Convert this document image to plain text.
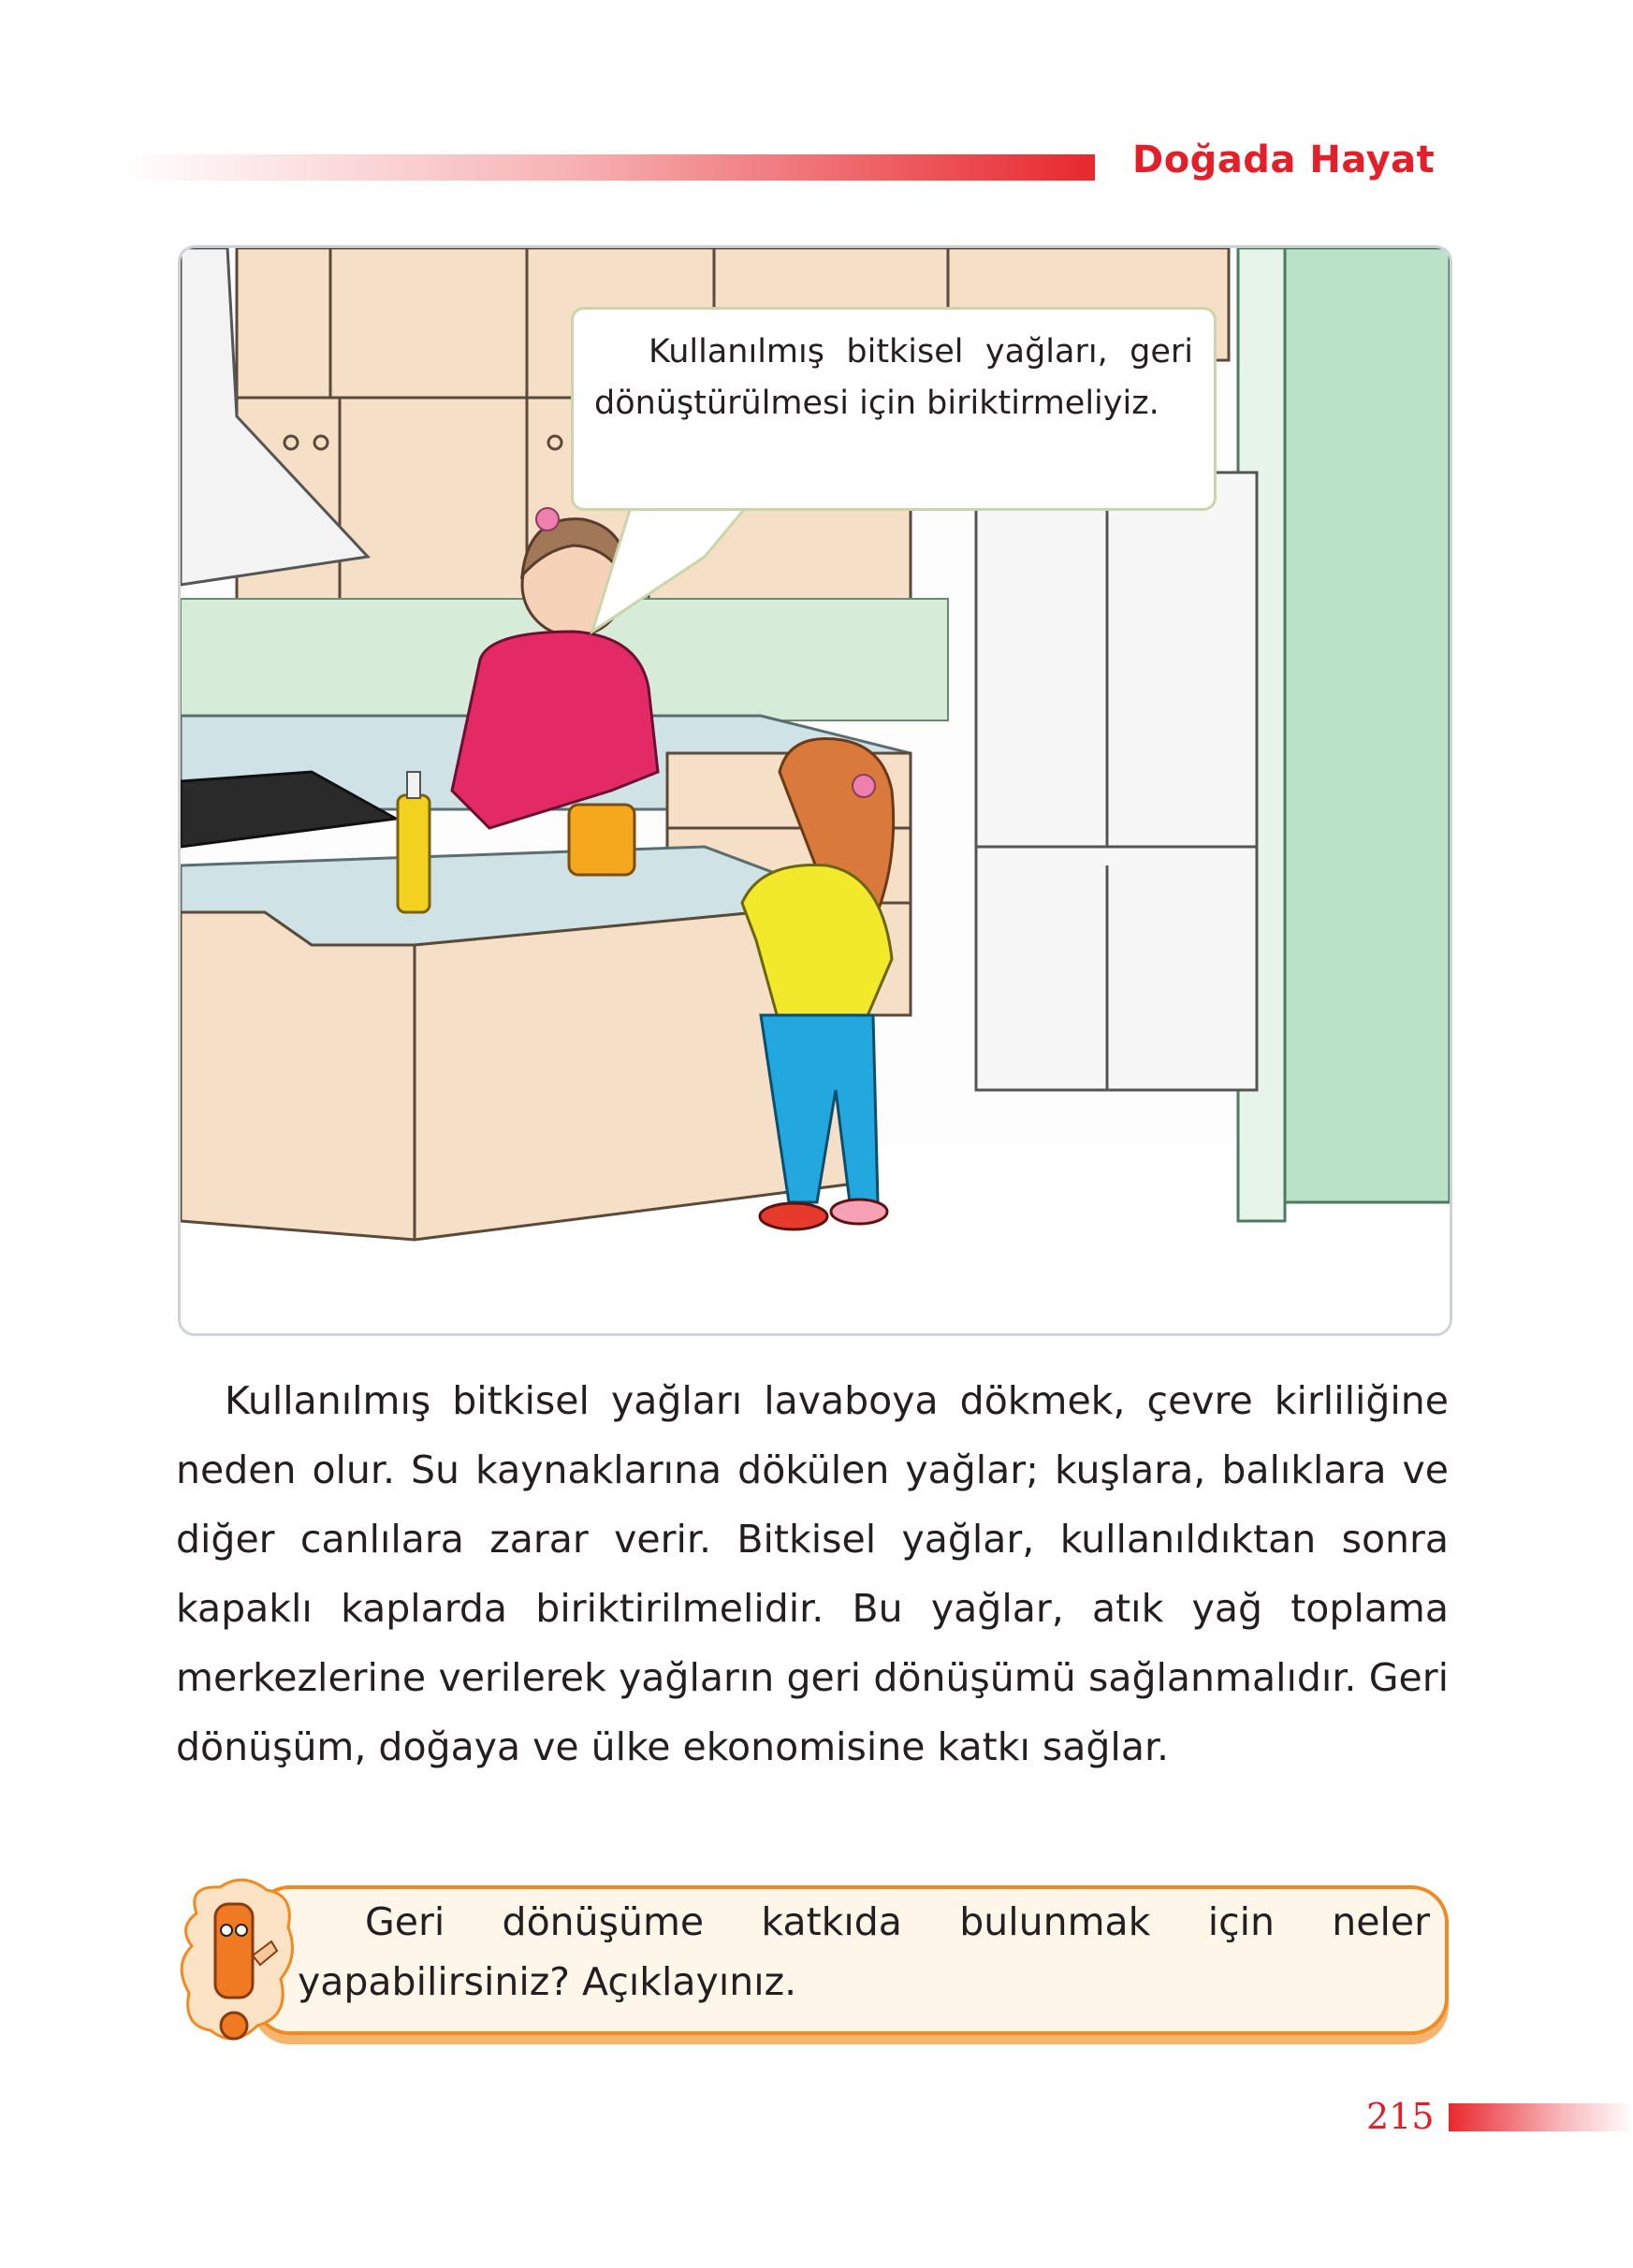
Doğada Hayat

Kullanılmış bitkisel yağları, geri dönüştürülmesi için biriktirmeliyiz.

Kullanılmış bitkisel yağları lavaboya dökmek, çevre kirliliğine neden olur. Su kaynaklarına dökülen yağlar; kuşlara, balıklara ve diğer canlılara zarar verir. Bitkisel yağlar, kullanıldıktan sonra kapaklı kaplarda biriktirilmelidir. Bu yağlar, atık yağ toplama merkezlerine verilerek yağların geri dönüşümü sağlanmalıdır. Geri dönüşüm, doğaya ve ülke ekonomisine katkı sağlar.

Geri dönüşüme katkıda bulunmak için neler yapabilirsiniz? Açıklayınız.

215
